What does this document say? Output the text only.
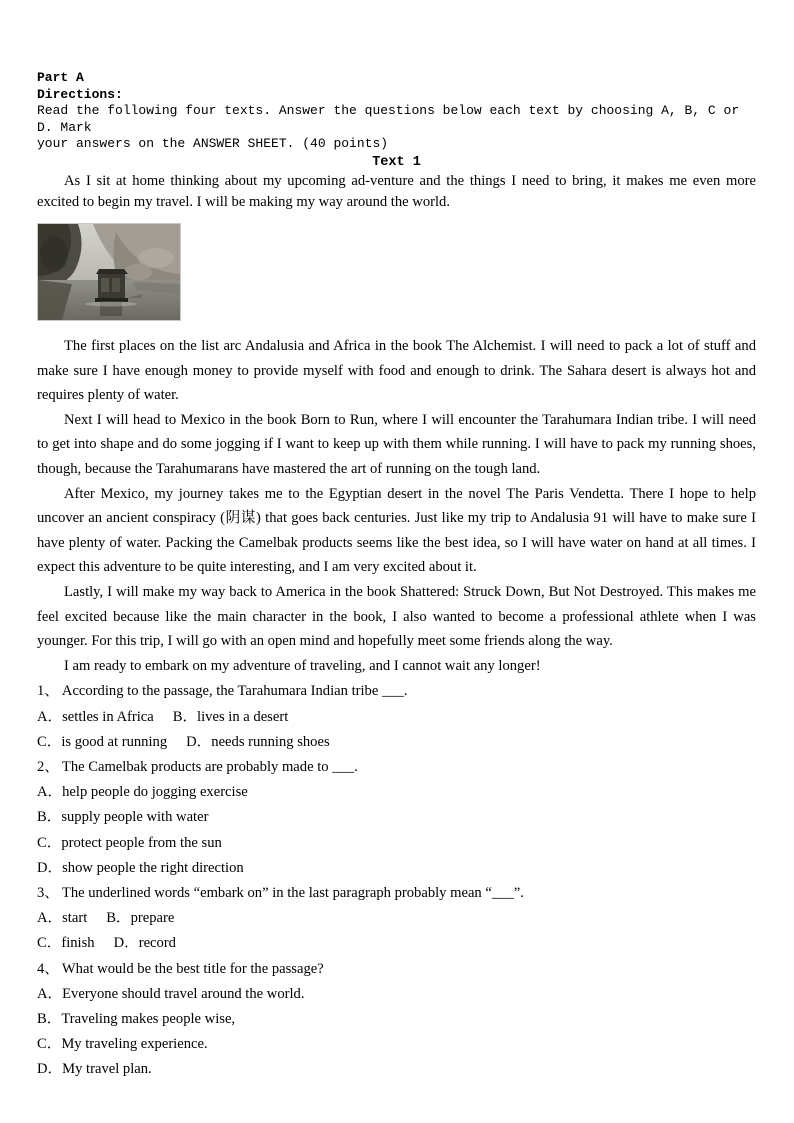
Part A
Directions:
Read the following four texts. Answer the questions below each text by choosing A, B, C or D. Mark
your answers on the ANSWER SHEET. (40 points)
Text 1

As I sit at home thinking about my upcoming ad-venture and the things I need to bring, it makes me even more excited to begin my travel. I will be making my way around the world.

The first places on the list arc Andalusia and Africa in the book The Alchemist. I will need to pack a lot of stuff and make sure I have enough money to provide myself with food and enough to drink. The Sahara desert is always hot and requires plenty of water.

Next I will head to Mexico in the book Born to Run, where I will encounter the Tarahumara Indian tribe. I will need to get into shape and do some jogging if I want to keep up with them while running. I will have to pack my running shoes, though, because the Tarahumarans have mastered the art of running on the tough land.

After Mexico, my journey takes me to the Egyptian desert in the novel The Paris Vendetta. There I hope to help uncover an ancient conspiracy (阴谋) that goes back centuries. Just like my trip to Andalusia 91 will have to make sure I have plenty of water. Packing the Camelbak products seems like the best idea, so I will have water on hand at all times. I expect this adventure to be quite interesting, and I am very excited about it.

Lastly, I will make my way back to America in the book Shattered: Struck Down, But Not Destroyed. This makes me feel excited because like the main character in the book, I also wanted to become a professional athlete when I was younger. For this trip, I will go with an open mind and hopefully meet some friends along the way.

I am ready to embark on my adventure of traveling, and I cannot wait any longer!

1、 According to the passage, the Tarahumara Indian tribe ___.
A．settles in Africa B．lives in a desert
C．is good at running D．needs running shoes
2、 The Camelbak products are probably made to ___.
A．help people do jogging exercise
B．supply people with water
C．protect people from the sun
D．show people the right direction
3、 The underlined words “embark on” in the last paragraph probably mean “___”.
A．start B．prepare
C．finish D．record
4、 What would be the best title for the passage?
A．Everyone should travel around the world.
B．Traveling makes people wise,
C．My traveling experience.
D．My travel plan.
